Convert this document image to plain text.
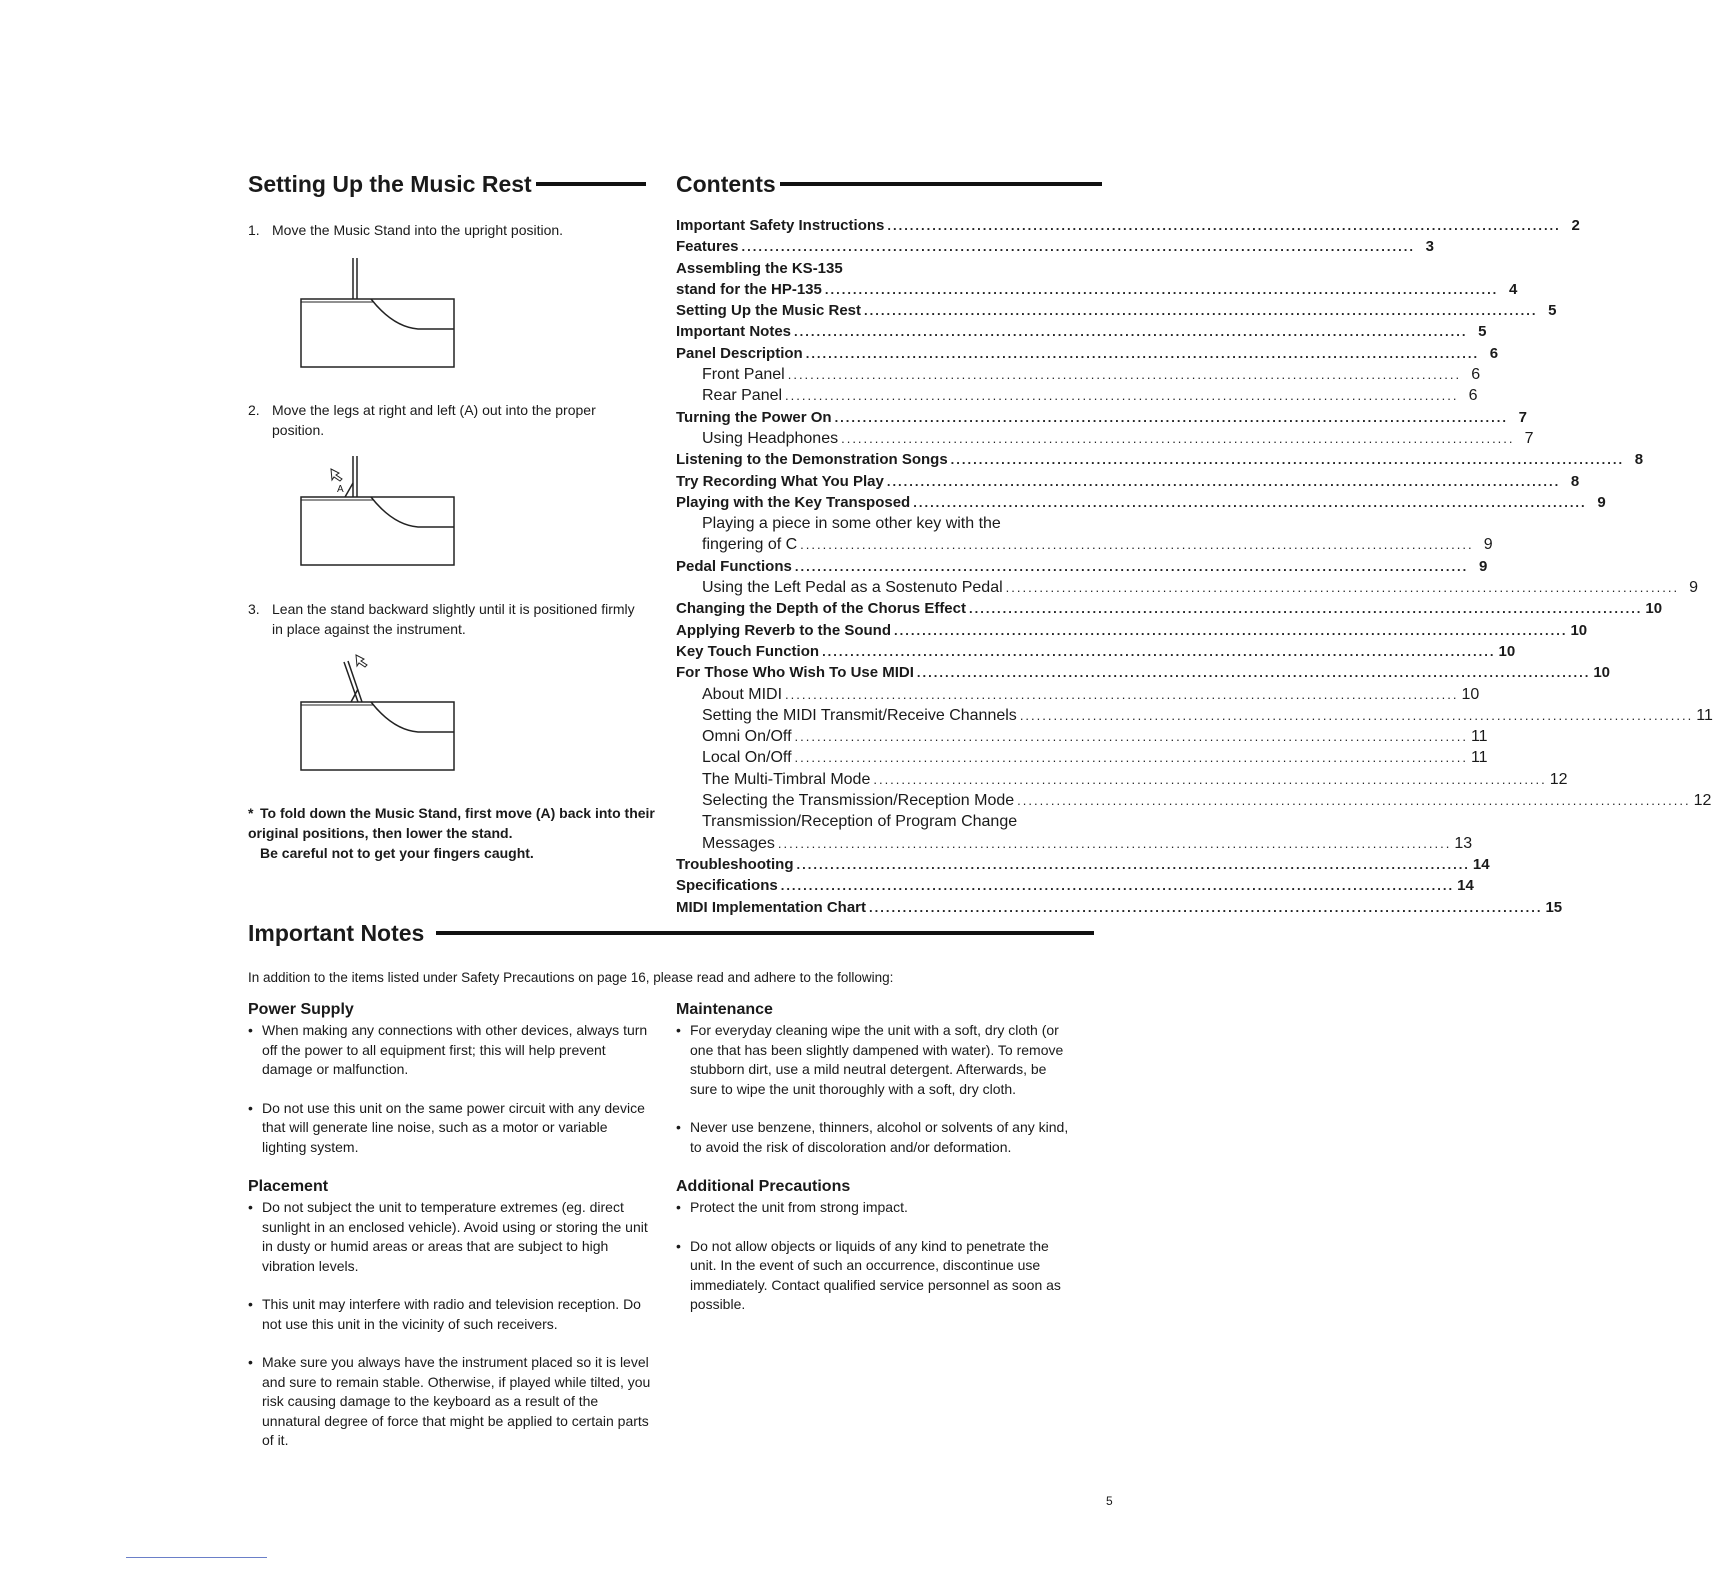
Setting Up the Music Rest
1. Move the Music Stand into the upright position.
2. Move the legs at right and left (A) out into the proper position.
A
3. Lean the stand backward slightly until it is positioned firmly in place against the instrument.
* To fold down the Music Stand, first move (A) back into their original positions, then lower the stand.
Be careful not to get your fingers caught.
Contents
Important Safety Instructions ........................................................................................................................ 2
Features ........................................................................................................................ 3
Assembling the KS-135
stand for the HP-135 ........................................................................................................................ 4
Setting Up the Music Rest ........................................................................................................................ 5
Important Notes ........................................................................................................................ 5
Panel Description ........................................................................................................................ 6
Front Panel ........................................................................................................................ 6
Rear Panel ........................................................................................................................ 6
Turning the Power On ........................................................................................................................ 7
Using Headphones ........................................................................................................................ 7
Listening to the Demonstration Songs ........................................................................................................................ 8
Try Recording What You Play ........................................................................................................................ 8
Playing with the Key Transposed ........................................................................................................................ 9
Playing a piece in some other key with the
fingering of C ........................................................................................................................ 9
Pedal Functions ........................................................................................................................ 9
Using the Left Pedal as a Sostenuto Pedal ........................................................................................................................ 9
Changing the Depth of the Chorus Effect ........................................................................................................................ 10
Applying Reverb to the Sound ........................................................................................................................ 10
Key Touch Function ........................................................................................................................ 10
For Those Who Wish To Use MIDI ........................................................................................................................ 10
About MIDI ........................................................................................................................ 10
Setting the MIDI Transmit/Receive Channels ........................................................................................................................ 11
Omni On/Off ........................................................................................................................ 11
Local On/Off ........................................................................................................................ 11
The Multi-Timbral Mode ........................................................................................................................ 12
Selecting the Transmission/Reception Mode ........................................................................................................................ 12
Transmission/Reception of Program Change
Messages ........................................................................................................................ 13
Troubleshooting ........................................................................................................................ 14
Specifications ........................................................................................................................ 14
MIDI Implementation Chart ........................................................................................................................ 15
Important Notes
In addition to the items listed under Safety Precautions on page 16, please read and adhere to the following:
Power Supply
• When making any connections with other devices, always turn off the power to all equipment first; this will help prevent damage or malfunction.
• Do not use this unit on the same power circuit with any device that will generate line noise, such as a motor or variable lighting system.
Placement
• Do not subject the unit to temperature extremes (eg. direct sunlight in an enclosed vehicle). Avoid using or storing the unit in dusty or humid areas or areas that are subject to high vibration levels.
• This unit may interfere with radio and television reception. Do not use this unit in the vicinity of such receivers.
• Make sure you always have the instrument placed so it is level and sure to remain stable. Otherwise, if played while tilted, you risk causing damage to the keyboard as a result of the unnatural degree of force that might be applied to certain parts of it.
Maintenance
• For everyday cleaning wipe the unit with a soft, dry cloth (or one that has been slightly dampened with water). To remove stubborn dirt, use a mild neutral detergent. Afterwards, be sure to wipe the unit thoroughly with a soft, dry cloth.
• Never use benzene, thinners, alcohol or solvents of any kind, to avoid the risk of discoloration and/or deformation.
Additional Precautions
• Protect the unit from strong impact.
• Do not allow objects or liquids of any kind to penetrate the unit. In the event of such an occurrence, discontinue use immediately. Contact qualified service personnel as soon as possible.
5
